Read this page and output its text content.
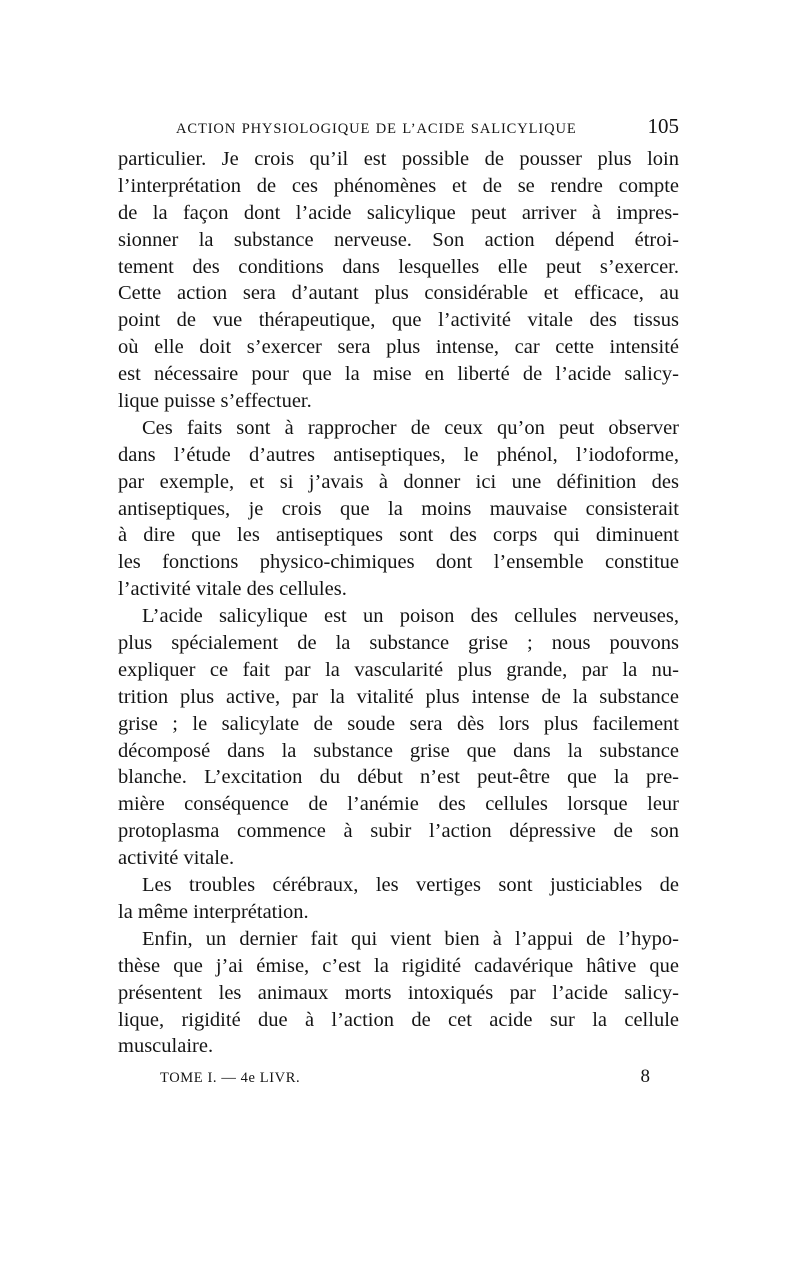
ACTION PHYSIOLOGIQUE DE L’ACIDE SALICYLIQUE	105
particulier. Je crois qu’il est possible de pousser plus loin
l’interprétation de ces phénomènes et de se rendre compte
de la façon dont l’acide salicylique peut arriver à impres-
sionner la substance nerveuse. Son action dépend étroi-
tement des conditions dans lesquelles elle peut s’exercer.
Cette action sera d’autant plus considérable et efficace, au
point de vue thérapeutique, que l’activité vitale des tissus
où elle doit s’exercer sera plus intense, car cette intensité
est nécessaire pour que la mise en liberté de l’acide salicy-
lique puisse s’effectuer.
Ces faits sont à rapprocher de ceux qu’on peut observer
dans l’étude d’autres antiseptiques, le phénol, l’iodoforme,
par exemple, et si j’avais à donner ici une définition des
antiseptiques, je crois que la moins mauvaise consisterait
à dire que les antiseptiques sont des corps qui diminuent
les fonctions physico-chimiques dont l’ensemble constitue
l’activité vitale des cellules.
L’acide salicylique est un poison des cellules nerveuses,
plus spécialement de la substance grise ; nous pouvons
expliquer ce fait par la vascularité plus grande, par la nu-
trition plus active, par la vitalité plus intense de la substance
grise ; le salicylate de soude sera dès lors plus facilement
décomposé dans la substance grise que dans la substance
blanche. L’excitation du début n’est peut-être que la pre-
mière conséquence de l’anémie des cellules lorsque leur
protoplasma commence à subir l’action dépressive de son
activité vitale.
Les troubles cérébraux, les vertiges sont justiciables de
la même interprétation.
Enfin, un dernier fait qui vient bien à l’appui de l’hypo-
thèse que j’ai émise, c’est la rigidité cadavérique hâtive que
présentent les animaux morts intoxiqués par l’acide salicy-
lique, rigidité due à l’action de cet acide sur la cellule
musculaire.
TOME I. — 4e LIVR.	8
